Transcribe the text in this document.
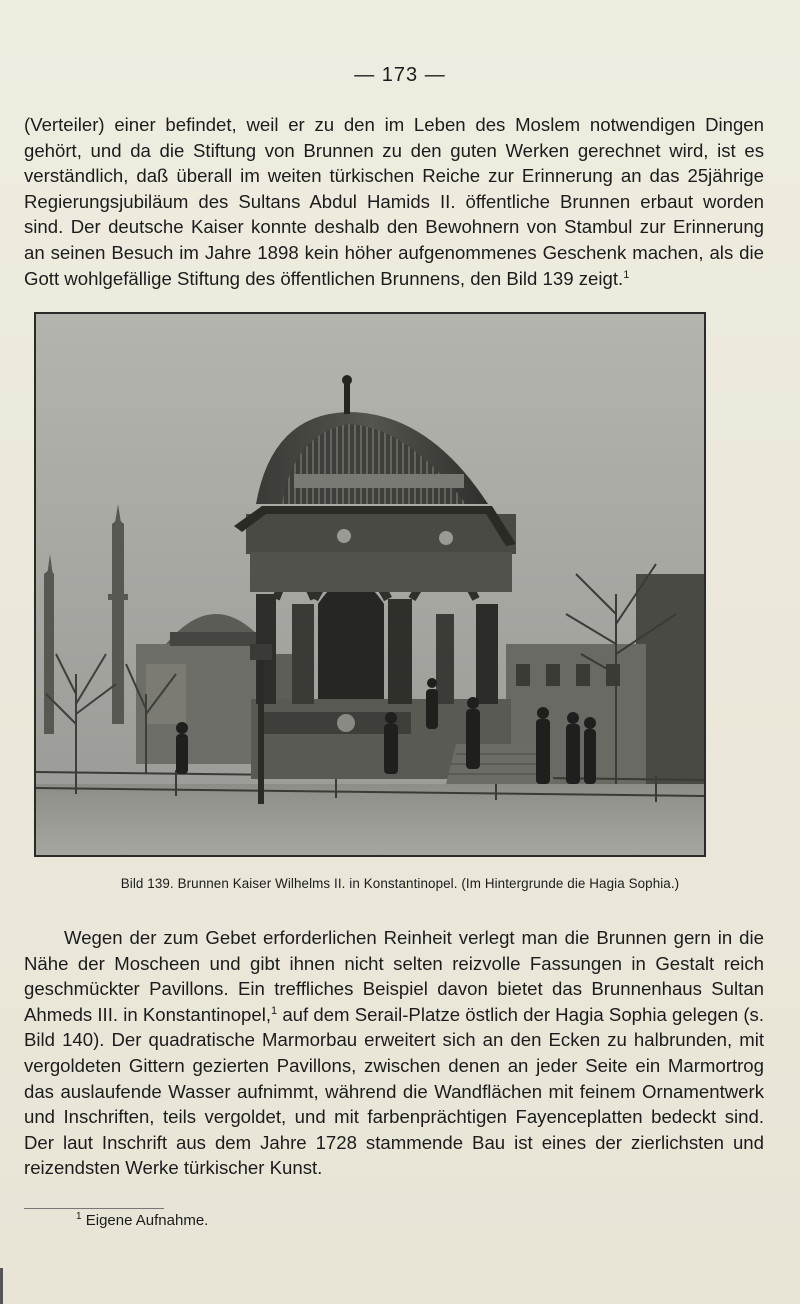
— 173 —

(Verteiler) einer befindet, weil er zu den im Leben des Moslem notwendigen Dingen gehört, und da die Stiftung von Brunnen zu den guten Werken gerechnet wird, ist es verständlich, daß überall im weiten türkischen Reiche zur Erinnerung an das 25jährige Regierungsjubiläum des Sultans Abdul Hamids II. öffentliche Brunnen erbaut worden sind. Der deutsche Kaiser konnte deshalb den Bewohnern von Stambul zur Erinnerung an seinen Besuch im Jahre 1898 kein höher aufgenommenes Geschenk machen, als die Gott wohlgefällige Stiftung des öffentlichen Brunnens, den Bild 139 zeigt.$^1$

Bild 139. Brunnen Kaiser Wilhelms II. in Konstantinopel. (Im Hintergrunde die Hagia Sophia.)

Wegen der zum Gebet erforderlichen Reinheit verlegt man die Brunnen gern in die Nähe der Moscheen und gibt ihnen nicht selten reizvolle Fassungen in Gestalt reich geschmückter Pavillons. Ein treffliches Beispiel davon bietet das Brunnenhaus Sultan Ahmeds III. in Konstantinopel,$^1$ auf dem Serail-Platze östlich der Hagia Sophia gelegen (s. Bild 140). Der quadratische Marmorbau erweitert sich an den Ecken zu halbrunden, mit vergoldeten Gittern gezierten Pavillons, zwischen denen an jeder Seite ein Marmortrog das auslaufende Wasser aufnimmt, während die Wandflächen mit feinem Ornamentwerk und Inschriften, teils vergoldet, und mit farbenprächtigen Fayenceplatten bedeckt sind. Der laut Inschrift aus dem Jahre 1728 stammende Bau ist eines der zierlichsten und reizendsten Werke türkischer Kunst.

$^1$ Eigene Aufnahme.
